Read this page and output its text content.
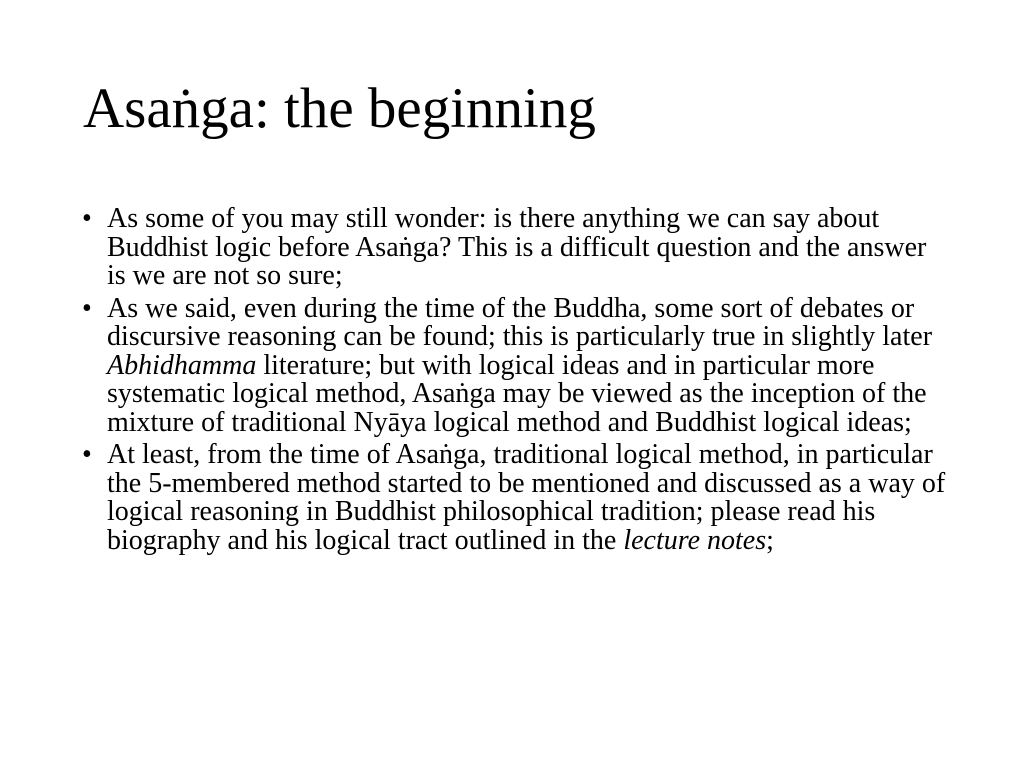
Asaṅga: the beginning
• As some of you may still wonder: is there anything we can say about Buddhist logic before Asaṅga? This is a difficult question and the answer is we are not so sure;
• As we said, even during the time of the Buddha, some sort of debates or discursive reasoning can be found; this is particularly true in slightly later Abhidhamma literature; but with logical ideas and in particular more systematic logical method, Asaṅga may be viewed as the inception of the mixture of traditional Nyāya logical method and Buddhist logical ideas;
• At least, from the time of Asaṅga, traditional logical method, in particular the 5-membered method started to be mentioned and discussed as a way of logical reasoning in Buddhist philosophical tradition; please read his biography and his logical tract outlined in the lecture notes;
